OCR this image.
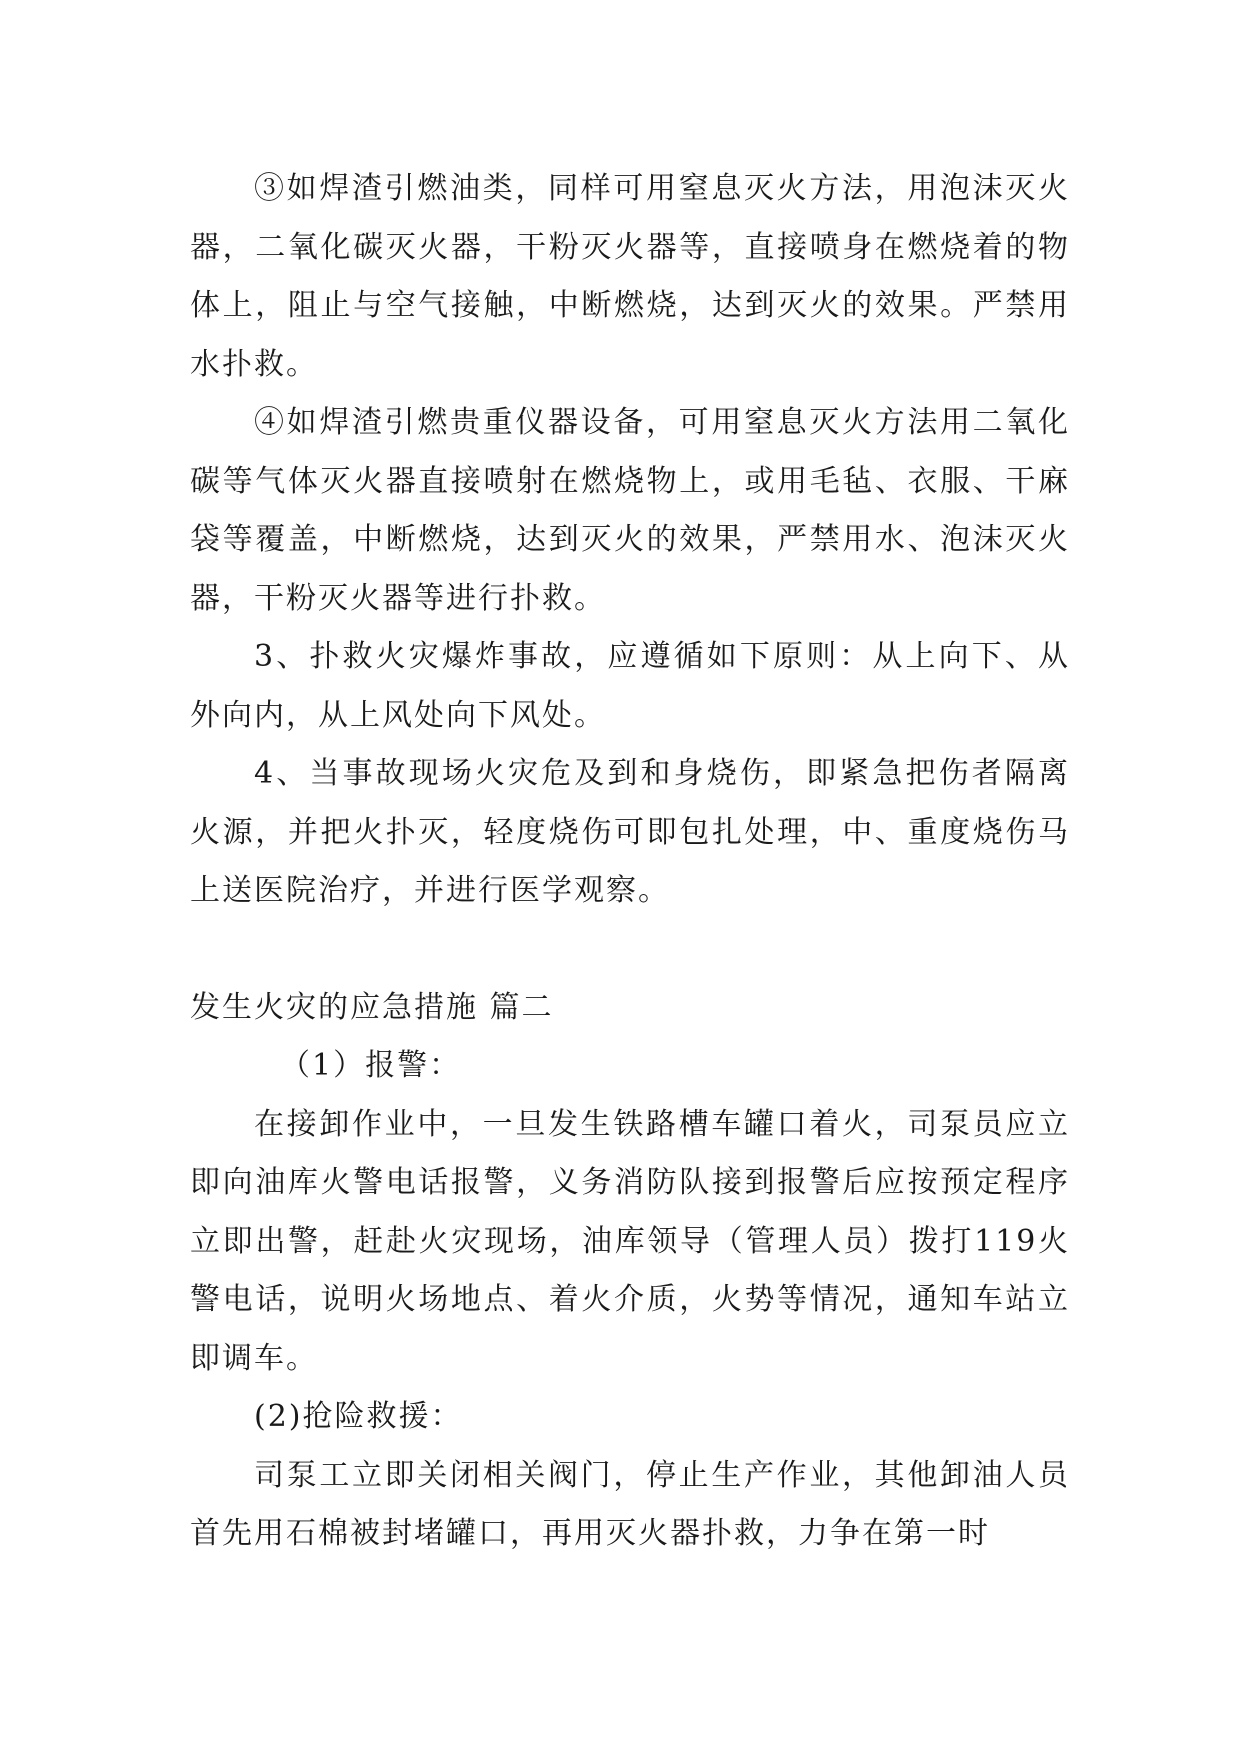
③如焊渣引燃油类，同样可用窒息灭火方法，用泡沫灭火器，二氧化碳灭火器，干粉灭火器等，直接喷身在燃烧着的物体上，阻止与空气接触，中断燃烧，达到灭火的效果。严禁用水扑救。

④如焊渣引燃贵重仪器设备，可用窒息灭火方法用二氧化碳等气体灭火器直接喷射在燃烧物上，或用毛毡、衣服、干麻袋等覆盖，中断燃烧，达到灭火的效果，严禁用水、泡沫灭火器，干粉灭火器等进行扑救。

3、扑救火灾爆炸事故，应遵循如下原则：从上向下、从外向内，从上风处向下风处。

4、当事故现场火灾危及到和身烧伤，即紧急把伤者隔离火源，并把火扑灭，轻度烧伤可即包扎处理，中、重度烧伤马上送医院治疗，并进行医学观察。

发生火灾的应急措施 篇二

（1）报警：

在接卸作业中，一旦发生铁路槽车罐口着火，司泵员应立即向油库火警电话报警，义务消防队接到报警后应按预定程序立即出警，赶赴火灾现场，油库领导（管理人员）拨打119火警电话，说明火场地点、着火介质，火势等情况，通知车站立即调车。

(2)抢险救援：

司泵工立即关闭相关阀门，停止生产作业，其他卸油人员首先用石棉被封堵罐口，再用灭火器扑救，力争在第一时
